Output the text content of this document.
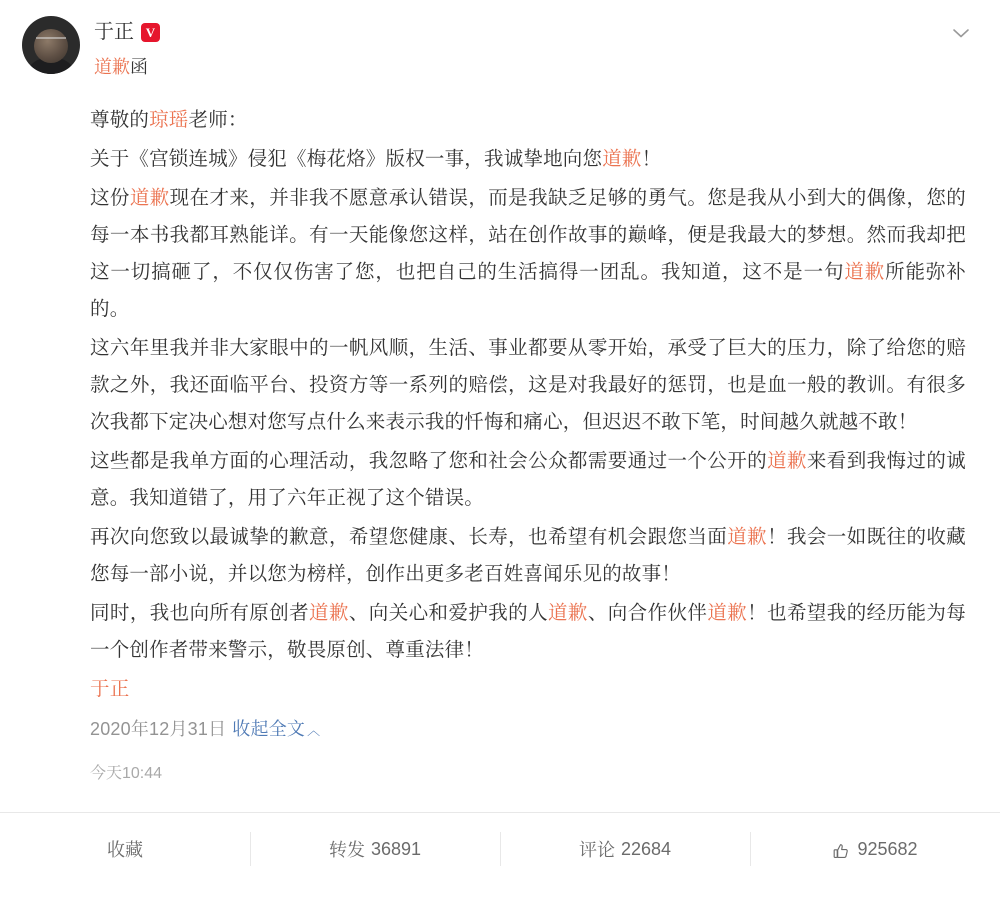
于正 V
道歉函

尊敬的琼瑶老师：

关于《宫锁连城》侵犯《梅花烙》版权一事，我诚挚地向您道歉！

这份道歉现在才来，并非我不愿意承认错误，而是我缺乏足够的勇气。您是我从小到大的偶像，您的每一本书我都耳熟能详。有一天能像您这样，站在创作故事的巅峰，便是我最大的梦想。然而我却把这一切搞砸了，不仅仅伤害了您，也把自己的生活搞得一团乱。我知道，这不是一句道歉所能弥补的。

这六年里我并非大家眼中的一帆风顺，生活、事业都要从零开始，承受了巨大的压力，除了给您的赔款之外，我还面临平台、投资方等一系列的赔偿，这是对我最好的惩罚，也是血一般的教训。有很多次我都下定决心想对您写点什么来表示我的忏悔和痛心，但迟迟不敢下笔，时间越久就越不敢！

这些都是我单方面的心理活动，我忽略了您和社会公众都需要通过一个公开的道歉来看到我悔过的诚意。我知道错了，用了六年正视了这个错误。

再次向您致以最诚挚的歉意，希望您健康、长寿，也希望有机会跟您当面道歉！我会一如既往的收藏您每一部小说，并以您为榜样，创作出更多老百姓喜闻乐见的故事！

同时，我也向所有原创者道歉、向关心和爱护我的人道歉、向合作伙伴道歉！也希望我的经历能为每一个创作者带来警示，敬畏原创、尊重法律！

于正

2020年12月31日 收起全文 ︿
今天10:44
收藏	转发 36891	评论 22684	925682
